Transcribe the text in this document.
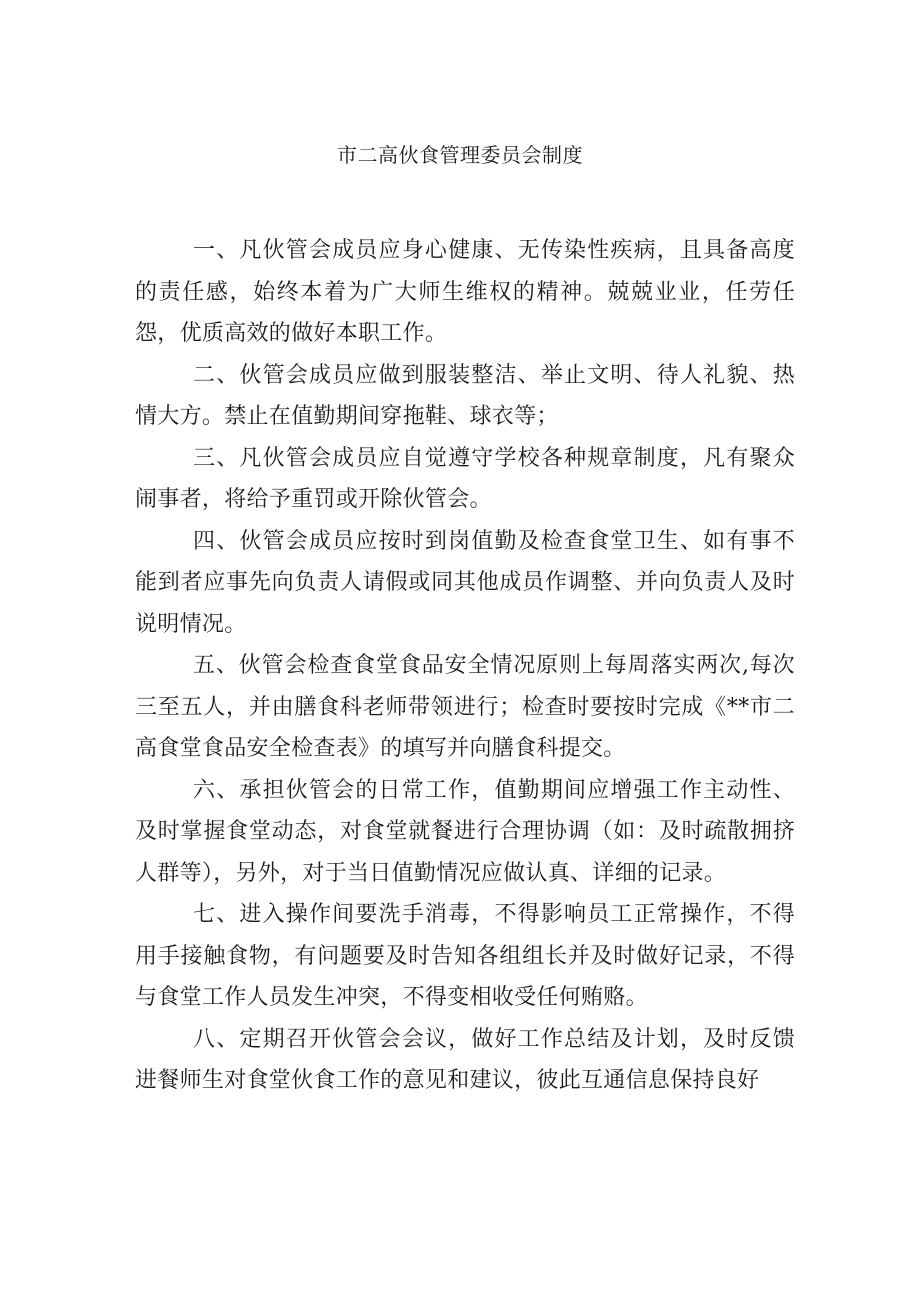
市二高伙食管理委员会制度

一、凡伙管会成员应身心健康、无传染性疾病，且具备高度的责任感，始终本着为广大师生维权的精神。兢兢业业，任劳任怨，优质高效的做好本职工作。

二、伙管会成员应做到服装整洁、举止文明、待人礼貌、热情大方。禁止在值勤期间穿拖鞋、球衣等；

三、凡伙管会成员应自觉遵守学校各种规章制度，凡有聚众闹事者，将给予重罚或开除伙管会。

四、伙管会成员应按时到岗值勤及检查食堂卫生、如有事不能到者应事先向负责人请假或同其他成员作调整、并向负责人及时说明情况。

五、伙管会检查食堂食品安全情况原则上每周落实两次,每次三至五人，并由膳食科老师带领进行；检查时要按时完成《**市二高食堂食品安全检查表》的填写并向膳食科提交。

六、承担伙管会的日常工作，值勤期间应增强工作主动性、及时掌握食堂动态，对食堂就餐进行合理协调（如：及时疏散拥挤人群等），另外，对于当日值勤情况应做认真、详细的记录。

七、进入操作间要洗手消毒，不得影响员工正常操作，不得用手接触食物，有问题要及时告知各组组长并及时做好记录，不得与食堂工作人员发生冲突，不得变相收受任何贿赂。

八、定期召开伙管会会议，做好工作总结及计划，及时反馈进餐师生对食堂伙食工作的意见和建议，彼此互通信息保持良好
